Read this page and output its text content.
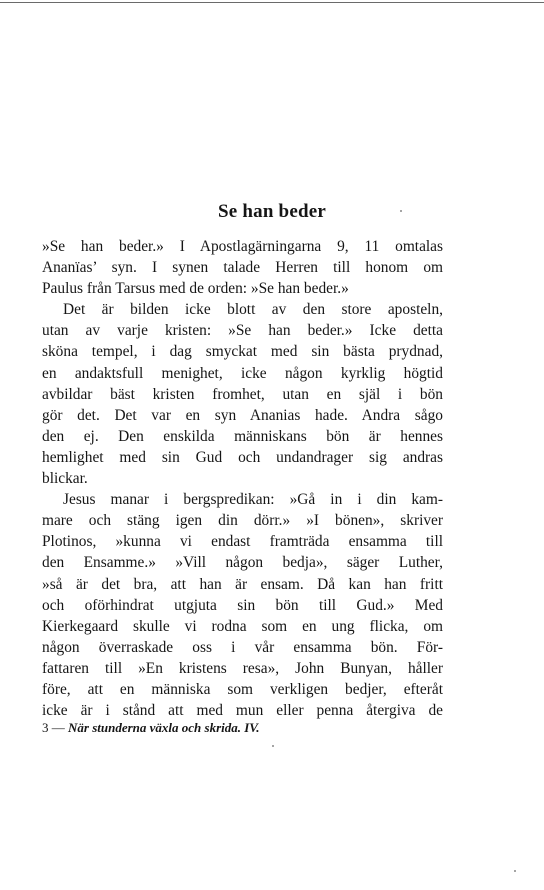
Se han beder
»Se han beder.» I Apostlagärningarna 9, 11 omtalas
Ananïas’ syn. I synen talade Herren till honom om
Paulus från Tarsus med de orden: »Se han beder.»
Det är bilden icke blott av den store aposteln,
utan av varje kristen: »Se han beder.» Icke detta
sköna tempel, i dag smyckat med sin bästa prydnad,
en andaktsfull menighet, icke någon kyrklig högtid
avbildar bäst kristen fromhet, utan en själ i bön
gör det. Det var en syn Ananias hade. Andra sågo
den ej. Den enskilda människans bön är hennes
hemlighet med sin Gud och undandrager sig andras
blickar.
Jesus manar i bergspredikan: »Gå in i din kam-
mare och stäng igen din dörr.» »I bönen», skriver
Plotinos, »kunna vi endast framträda ensamma till
den Ensamme.» »Vill någon bedja», säger Luther,
»så är det bra, att han är ensam. Då kan han fritt
och oförhindrat utgjuta sin bön till Gud.» Med
Kierkegaard skulle vi rodna som en ung flicka, om
någon överraskade oss i vår ensamma bön. För-
fattaren till »En kristens resa», John Bunyan, håller
före, att en människa som verkligen bedjer, efteråt
icke är i stånd att med mun eller penna återgiva de
3 — När stunderna växla och skrida. IV.
